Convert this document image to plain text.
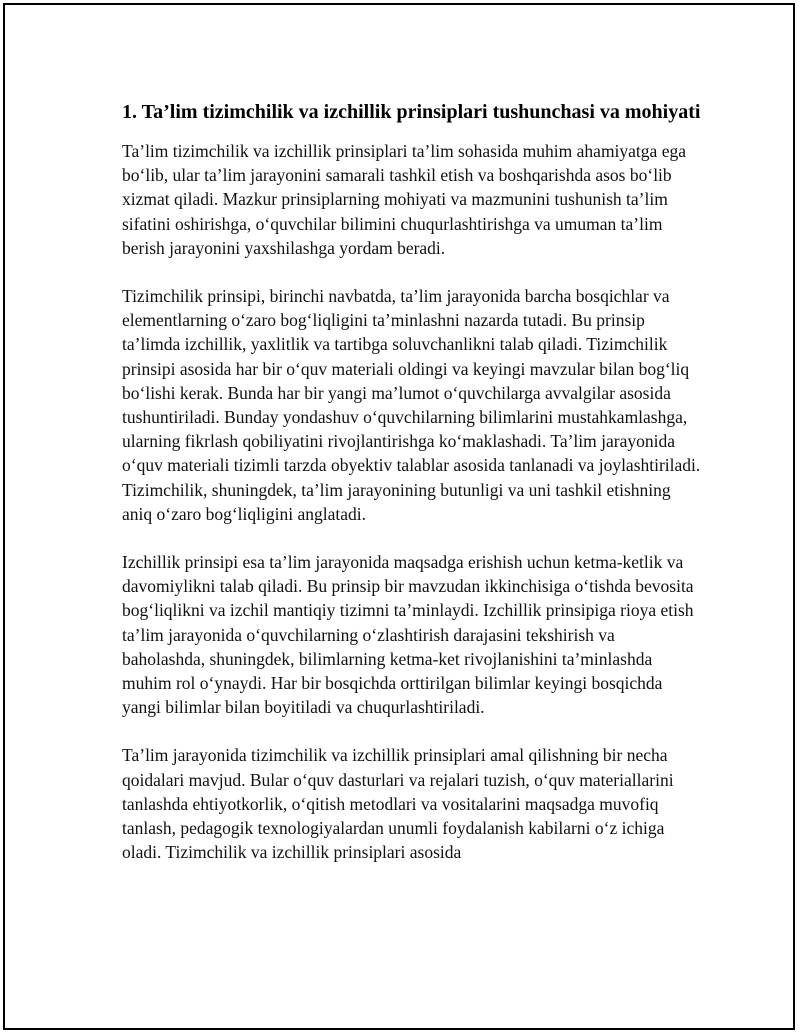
1. Ta’lim tizimchilik va izchillik prinsiplari tushunchasi va mohiyati

Ta’lim tizimchilik va izchillik prinsiplari ta’lim sohasida muhim ahamiyatga ega bo‘lib, ular ta’lim jarayonini samarali tashkil etish va boshqarishda asos bo‘lib xizmat qiladi. Mazkur prinsiplarning mohiyati va mazmunini tushunish ta’lim sifatini oshirishga, o‘quvchilar bilimini chuqurlashtirishga va umuman ta’lim berish jarayonini yaxshilashga yordam beradi.

Tizimchilik prinsipi, birinchi navbatda, ta’lim jarayonida barcha bosqichlar va elementlarning o‘zaro bog‘liqligini ta’minlashni nazarda tutadi. Bu prinsip ta’limda izchillik, yaxlitlik va tartibga soluvchanlikni talab qiladi. Tizimchilik prinsipi asosida har bir o‘quv materiali oldingi va keyingi mavzular bilan bog‘liq bo‘lishi kerak. Bunda har bir yangi ma’lumot o‘quvchilarga avvalgilar asosida tushuntiriladi. Bunday yondashuv o‘quvchilarning bilimlarini mustahkamlashga, ularning fikrlash qobiliyatini rivojlantirishga ko‘maklashadi. Ta’lim jarayonida o‘quv materiali tizimli tarzda obyektiv talablar asosida tanlanadi va joylashtiriladi. Tizimchilik, shuningdek, ta’lim jarayonining butunligi va uni tashkil etishning aniq o‘zaro bog‘liqligini anglatadi.

Izchillik prinsipi esa ta’lim jarayonida maqsadga erishish uchun ketma-ketlik va davomiylikni talab qiladi. Bu prinsip bir mavzudan ikkinchisiga o‘tishda bevosita bog‘liqlikni va izchil mantiqiy tizimni ta’minlaydi. Izchillik prinsipiga rioya etish ta’lim jarayonida o‘quvchilarning o‘zlashtirish darajasini tekshirish va baholashda, shuningdek, bilimlarning ketma-ket rivojlanishini ta’minlashda muhim rol o‘ynaydi. Har bir bosqichda orttirilgan bilimlar keyingi bosqichda yangi bilimlar bilan boyitiladi va chuqurlashtiriladi.

Ta’lim jarayonida tizimchilik va izchillik prinsiplari amal qilishning bir necha qoidalari mavjud. Bular o‘quv dasturlari va rejalari tuzish, o‘quv materiallarini tanlashda ehtiyotkorlik, o‘qitish metodlari va vositalarini maqsadga muvofiq tanlash, pedagogik texnologiyalardan unumli foydalanish kabilarni o‘z ichiga oladi. Tizimchilik va izchillik prinsiplari asosida
